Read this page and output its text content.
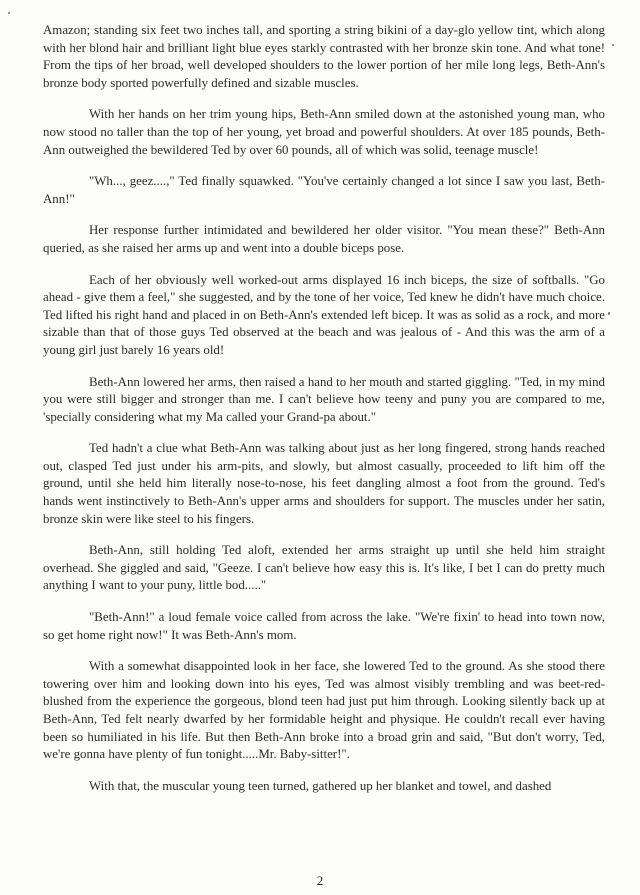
Amazon; standing six feet two inches tall, and sporting a string bikini of a day-glo yellow tint, which along with her blond hair and brilliant light blue eyes starkly contrasted with her bronze skin tone. And what tone! From the tips of her broad, well developed shoulders to the lower portion of her mile long legs, Beth-Ann's bronze body sported powerfully defined and sizable muscles.

With her hands on her trim young hips, Beth-Ann smiled down at the astonished young man, who now stood no taller than the top of her young, yet broad and powerful shoulders. At over 185 pounds, Beth-Ann outweighed the bewildered Ted by over 60 pounds, all of which was solid, teenage muscle!

"Wh..., geez....," Ted finally squawked. "You've certainly changed a lot since I saw you last, Beth-Ann!"

Her response further intimidated and bewildered her older visitor. "You mean these?" Beth-Ann queried, as she raised her arms up and went into a double biceps pose.

Each of her obviously well worked-out arms displayed 16 inch biceps, the size of softballs. "Go ahead - give them a feel," she suggested, and by the tone of her voice, Ted knew he didn't have much choice. Ted lifted his right hand and placed in on Beth-Ann's extended left bicep. It was as solid as a rock, and more sizable than that of those guys Ted observed at the beach and was jealous of - And this was the arm of a young girl just barely 16 years old!

Beth-Ann lowered her arms, then raised a hand to her mouth and started giggling. "Ted, in my mind you were still bigger and stronger than me. I can't believe how teeny and puny you are compared to me, 'specially considering what my Ma called your Grand-pa about."

Ted hadn't a clue what Beth-Ann was talking about just as her long fingered, strong hands reached out, clasped Ted just under his arm-pits, and slowly, but almost casually, proceeded to lift him off the ground, until she held him literally nose-to-nose, his feet dangling almost a foot from the ground. Ted's hands went instinctively to Beth-Ann's upper arms and shoulders for support. The muscles under her satin, bronze skin were like steel to his fingers.

Beth-Ann, still holding Ted aloft, extended her arms straight up until she held him straight overhead. She giggled and said, "Geeze. I can't believe how easy this is. It's like, I bet I can do pretty much anything I want to your puny, little bod....."

"Beth-Ann!" a loud female voice called from across the lake. "We're fixin' to head into town now, so get home right now!" It was Beth-Ann's mom.

With a somewhat disappointed look in her face, she lowered Ted to the ground. As she stood there towering over him and looking down into his eyes, Ted was almost visibly trembling and was beet-red-blushed from the experience the gorgeous, blond teen had just put him through. Looking silently back up at Beth-Ann, Ted felt nearly dwarfed by her formidable height and physique. He couldn't recall ever having been so humiliated in his life. But then Beth-Ann broke into a broad grin and said, "But don't worry, Ted, we're gonna have plenty of fun tonight.....Mr. Baby-sitter!".

With that, the muscular young teen turned, gathered up her blanket and towel, and dashed

2
